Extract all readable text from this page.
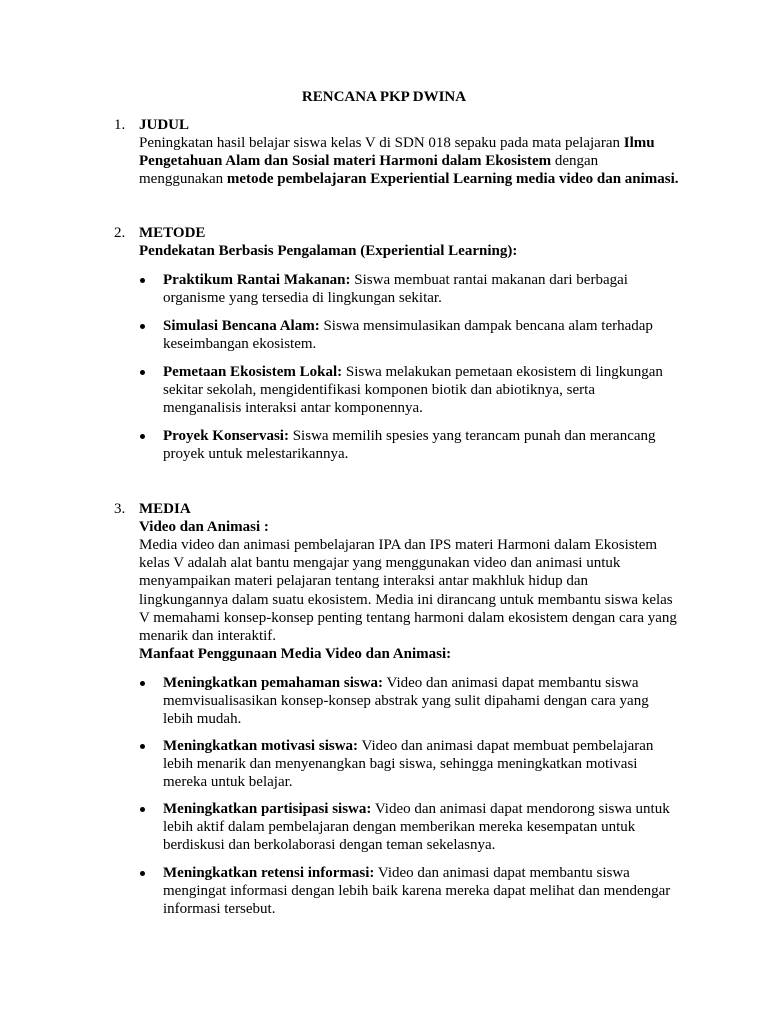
RENCANA PKP DWINA
1. JUDUL
Peningkatan hasil belajar siswa kelas V di SDN 018 sepaku pada mata pelajaran Ilmu Pengetahuan Alam dan Sosial materi Harmoni dalam Ekosistem dengan menggunakan metode pembelajaran Experiential Learning media video dan animasi.
2. METODE
Pendekatan Berbasis Pengalaman (Experiential Learning):
Praktikum Rantai Makanan: Siswa membuat rantai makanan dari berbagai organisme yang tersedia di lingkungan sekitar.
Simulasi Bencana Alam: Siswa mensimulasikan dampak bencana alam terhadap keseimbangan ekosistem.
Pemetaan Ekosistem Lokal: Siswa melakukan pemetaan ekosistem di lingkungan sekitar sekolah, mengidentifikasi komponen biotik dan abiotiknya, serta menganalisis interaksi antar komponennya.
Proyek Konservasi: Siswa memilih spesies yang terancam punah dan merancang proyek untuk melestarikannya.
3. MEDIA
Video dan Animasi :
Media video dan animasi pembelajaran IPA dan IPS materi Harmoni dalam Ekosistem kelas V adalah alat bantu mengajar yang menggunakan video dan animasi untuk menyampaikan materi pelajaran tentang interaksi antar makhluk hidup dan lingkungannya dalam suatu ekosistem. Media ini dirancang untuk membantu siswa kelas V memahami konsep-konsep penting tentang harmoni dalam ekosistem dengan cara yang menarik dan interaktif.
Manfaat Penggunaan Media Video dan Animasi:
Meningkatkan pemahaman siswa: Video dan animasi dapat membantu siswa memvisualisasikan konsep-konsep abstrak yang sulit dipahami dengan cara yang lebih mudah.
Meningkatkan motivasi siswa: Video dan animasi dapat membuat pembelajaran lebih menarik dan menyenangkan bagi siswa, sehingga meningkatkan motivasi mereka untuk belajar.
Meningkatkan partisipasi siswa: Video dan animasi dapat mendorong siswa untuk lebih aktif dalam pembelajaran dengan memberikan mereka kesempatan untuk berdiskusi dan berkolaborasi dengan teman sekelasnya.
Meningkatkan retensi informasi: Video dan animasi dapat membantu siswa mengingat informasi dengan lebih baik karena mereka dapat melihat dan mendengar informasi tersebut.
